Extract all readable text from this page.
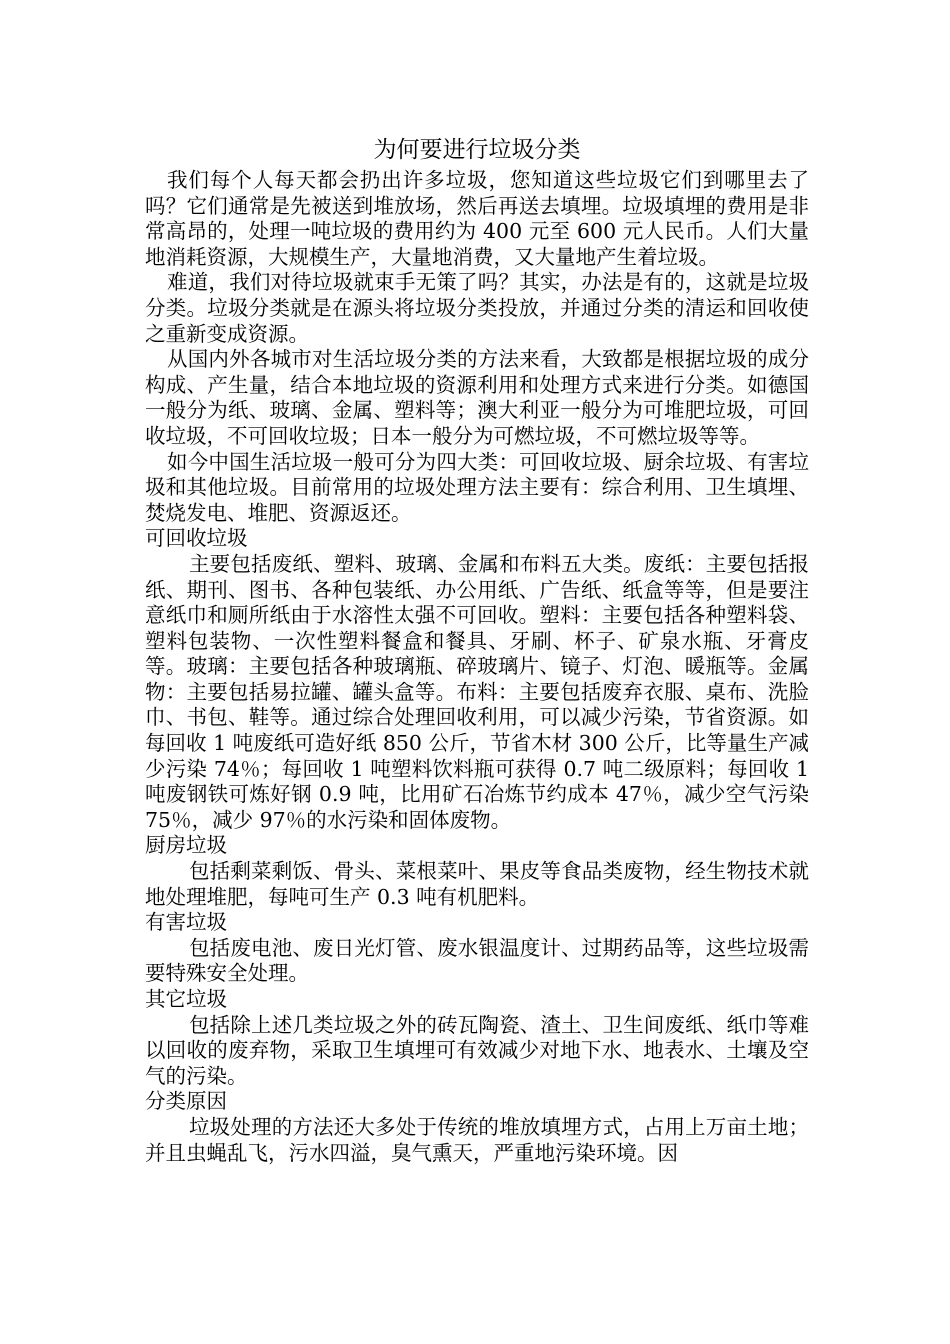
为何要进行垃圾分类

我们每个人每天都会扔出许多垃圾，您知道这些垃圾它们到哪里去了吗？它们通常是先被送到堆放场，然后再送去填埋。垃圾填埋的费用是非常高昂的，处理一吨垃圾的费用约为 400 元至 600 元人民币。人们大量地消耗资源，大规模生产，大量地消费，又大量地产生着垃圾。

难道，我们对待垃圾就束手无策了吗？其实，办法是有的，这就是垃圾分类。垃圾分类就是在源头将垃圾分类投放，并通过分类的清运和回收使之重新变成资源。

从国内外各城市对生活垃圾分类的方法来看，大致都是根据垃圾的成分构成、产生量，结合本地垃圾的资源利用和处理方式来进行分类。如德国一般分为纸、玻璃、金属、塑料等；澳大利亚一般分为可堆肥垃圾，可回收垃圾，不可回收垃圾；日本一般分为可燃垃圾，不可燃垃圾等等。

如今中国生活垃圾一般可分为四大类：可回收垃圾、厨余垃圾、有害垃圾和其他垃圾。目前常用的垃圾处理方法主要有：综合利用、卫生填埋、焚烧发电、堆肥、资源返还。

可回收垃圾

主要包括废纸、塑料、玻璃、金属和布料五大类。废纸：主要包括报纸、期刊、图书、各种包装纸、办公用纸、广告纸、纸盒等等，但是要注意纸巾和厕所纸由于水溶性太强不可回收。塑料：主要包括各种塑料袋、塑料包装物、一次性塑料餐盒和餐具、牙刷、杯子、矿泉水瓶、牙膏皮等。玻璃：主要包括各种玻璃瓶、碎玻璃片、镜子、灯泡、暖瓶等。金属物：主要包括易拉罐、罐头盒等。布料：主要包括废弃衣服、桌布、洗脸巾、书包、鞋等。通过综合处理回收利用，可以减少污染，节省资源。如每回收 1 吨废纸可造好纸 850 公斤，节省木材 300 公斤，比等量生产减少污染 74％；每回收 1 吨塑料饮料瓶可获得 0.7 吨二级原料；每回收 1 吨废钢铁可炼好钢 0.9 吨，比用矿石冶炼节约成本 47％，减少空气污染 75％，减少 97％的水污染和固体废物。

厨房垃圾

包括剩菜剩饭、骨头、菜根菜叶、果皮等食品类废物，经生物技术就地处理堆肥，每吨可生产 0.3 吨有机肥料。

有害垃圾

包括废电池、废日光灯管、废水银温度计、过期药品等，这些垃圾需要特殊安全处理。

其它垃圾

包括除上述几类垃圾之外的砖瓦陶瓷、渣土、卫生间废纸、纸巾等难以回收的废弃物，采取卫生填埋可有效减少对地下水、地表水、土壤及空气的污染。

分类原因

垃圾处理的方法还大多处于传统的堆放填埋方式，占用上万亩土地；并且虫蝇乱飞，污水四溢，臭气熏天，严重地污染环境。因
